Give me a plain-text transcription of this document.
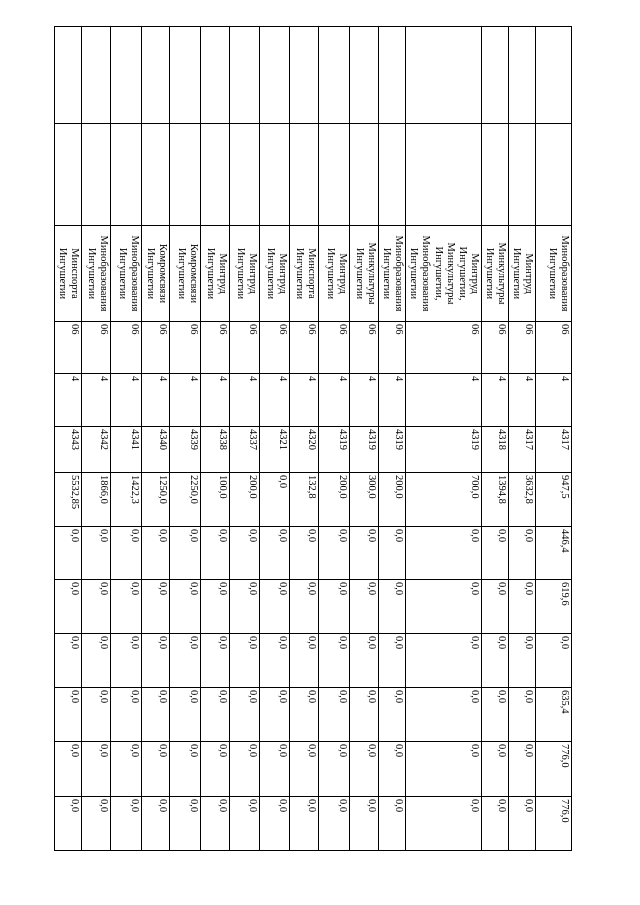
		Минобразования Ингушетии	06	4	4317	947,5	446,4	619,6	0,0	635,4	776,0	776,0
		Минтруд Ингушетии	06	4	4317	3632,8	0,0	0,0	0,0	0,0	0,0	0,0
		Минкультуры Ингушетии	06	4	4318	1394,8	0,0	0,0	0,0	0,0	0,0	0,0
		Минтруд Ингушетии, Минкультуры Ингушетии, Минобразования Ингушетии	06	4	4319	700,0	0,0	0,0	0,0	0,0	0,0	0,0
		Минобразования Ингушетии	06	4	4319	200,0	0,0	0,0	0,0	0,0	0,0	0,0
		Минкультуры Ингушетии	06	4	4319	300,0	0,0	0,0	0,0	0,0	0,0	0,0
		Минтруд Ингушетии	06	4	4319	200,0	0,0	0,0	0,0	0,0	0,0	0,0
		Минспорта Ингушетии	06	4	4320	132,8	0,0	0,0	0,0	0,0	0,0	0,0
		Минтруд Ингушетии	06	4	4321	0,0	0,0	0,0	0,0	0,0	0,0	0,0
		Минтруд Ингушетии	06	4	4337	200,0	0,0	0,0	0,0	0,0	0,0	0,0
		Минтруд Ингушетии	06	4	4338	100,0	0,0	0,0	0,0	0,0	0,0	0,0
		Комромсвязи Ингушетии	06	4	4339	2250,0	0,0	0,0	0,0	0,0	0,0	0,0
		Комромсвязи Ингушетии	06	4	4340	1250,0	0,0	0,0	0,0	0,0	0,0	0,0
		Минобразования Ингушетии	06	4	4341	1422,3	0,0	0,0	0,0	0,0	0,0	0,0
		Минобразования Ингушетии	06	4	4342	1866,0	0,0	0,0	0,0	0,0	0,0	0,0
		Минспорта Ингушетии	06	4	4343	5532,85	0,0	0,0	0,0	0,0	0,0	0,0
